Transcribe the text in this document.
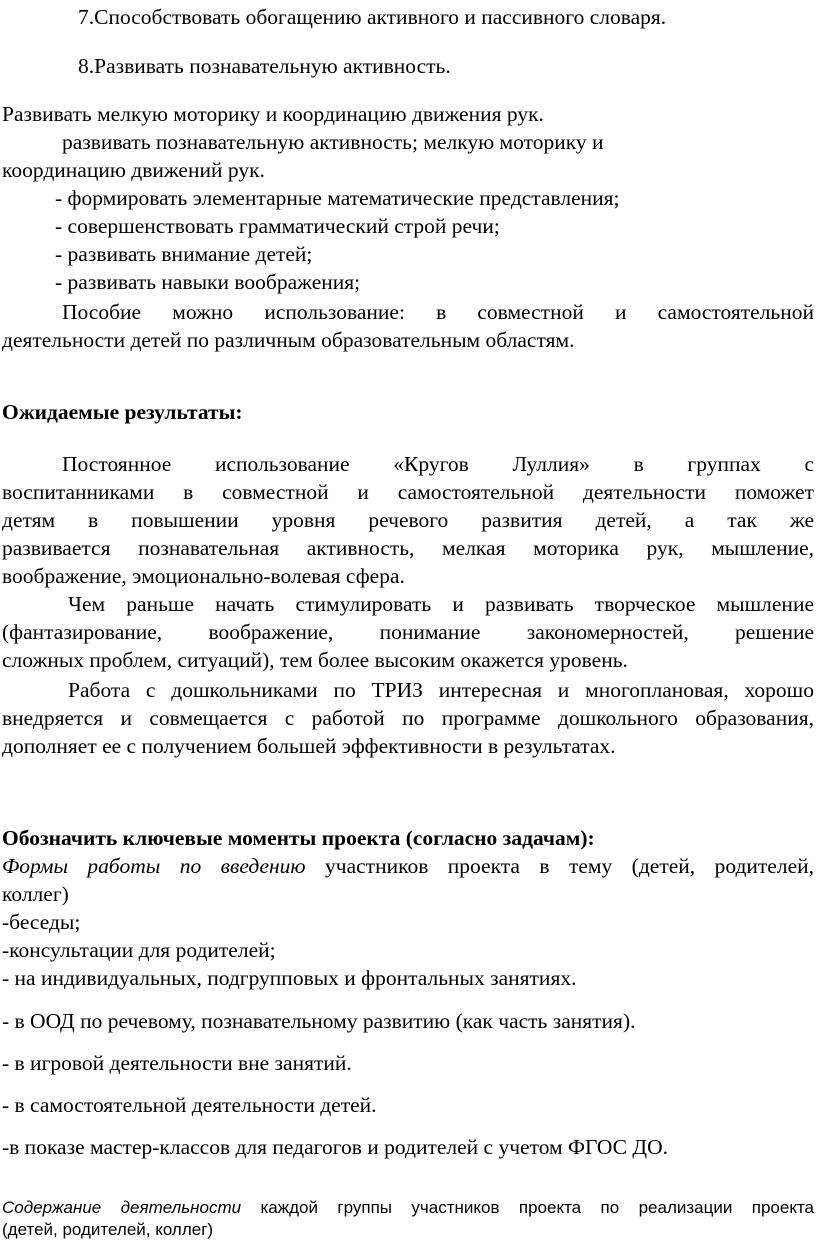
7.Способствовать обогащению активного и пассивного словаря.
8.Развивать познавательную активность.
Развивать мелкую моторику и координацию движения рук.
развивать познавательную активность; мелкую моторику и
координацию движений рук.
- формировать элементарные математические представления;
- совершенствовать грамматический строй речи;
- развивать внимание детей;
- развивать навыки воображения;
Пособие можно использование: в совместной и самостоятельной
деятельности детей по различным образовательным областям.
Ожидаемые результаты:
Постоянное использование «Кругов Луллия» в группах с
воспитанниками в совместной и самостоятельной деятельности поможет
детям в повышении уровня речевого развития детей, а так же
развивается познавательная активность, мелкая моторика рук, мышление,
воображение, эмоционально-волевая сфера.
Чем раньше начать стимулировать и развивать творческое мышление
(фантазирование, воображение, понимание закономерностей, решение
сложных проблем, ситуаций), тем более высоким окажется уровень.
Работа с дошкольниками по ТРИЗ интересная и многоплановая, хорошо
внедряется и совмещается с работой по программе дошкольного образования,
дополняет ее с получением большей эффективности в результатах.
Обозначить ключевые моменты проекта (согласно задачам):
Формы работы по введению участников проекта в тему (детей, родителей,
коллег)
-беседы;
-консультации для родителей;
- на индивидуальных, подгрупповых и фронтальных занятиях.
- в ООД по речевому, познавательному развитию (как часть занятия).
- в игровой деятельности вне занятий.
- в самостоятельной деятельности детей.
-в показе мастер-классов для педагогов и родителей с учетом ФГОС ДО.
Содержание деятельности каждой группы участников проекта по реализации проекта
(детей, родителей, коллег)
